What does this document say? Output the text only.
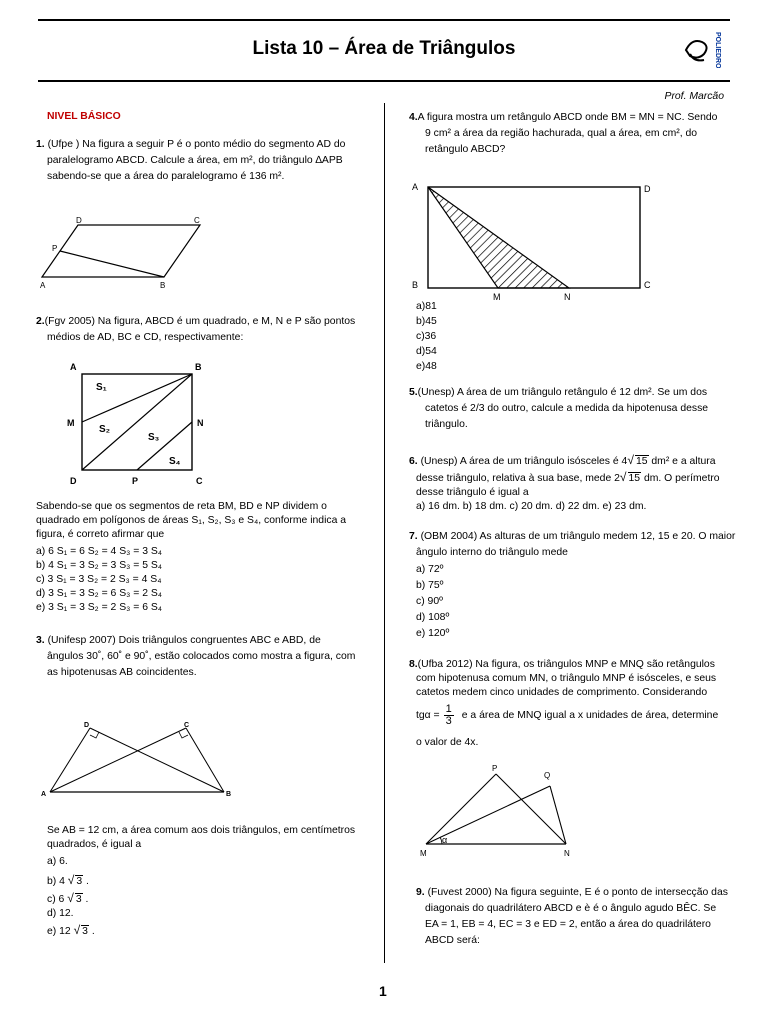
Lista 10 – Área de Triângulos	POLIEDRO
Prof. Marcão
NIVEL BÁSICO
1. (Ufpe ) Na figura a seguir P é o ponto médio do segmento AD do
paralelogramo ABCD. Calcule a área, em m², do triângulo ∆APB
sabendo-se que a área do paralelogramo é 136 m².
D	C
P
A	B
2.(Fgv 2005) Na figura, ABCD é um quadrado, e M, N e P são pontos
médios de AD, BC e CD, respectivamente:
A	B
M	N
D	C
P
S₁
S₂
S₃
S₄
Sabendo-se que os segmentos de reta BM, BD e NP dividem o
quadrado em polígonos de áreas S₁, S₂, S₃ e S₄, conforme indica a
figura, é correto afirmar que
a) 6 S₁ = 6 S₂ = 4 S₃ = 3 S₄
b) 4 S₁ = 3 S₂ = 3 S₃ = 5 S₄
c) 3 S₁ = 3 S₂ = 2 S₃ = 4 S₄
d) 3 S₁ = 3 S₂ = 6 S₃ = 2 S₄
e) 3 S₁ = 3 S₂ = 2 S₃ = 6 S₄
3. (Unifesp 2007) Dois triângulos congruentes ABC e ABD, de
ângulos 30˚, 60˚ e 90˚, estão colocados como mostra a figura, com
as hipotenusas AB coincidentes.
A	B
D	C
Se AB = 12 cm, a área comum aos dois triângulos, em centímetros
quadrados, é igual a
a) 6.
b) 4 √ 3 .
c) 6 √ 3 .
d) 12.
e) 12 √ 3 .
4.A figura mostra um retângulo ABCD onde BM = MN = NC. Sendo
9 cm² a área da região hachurada, qual a área, em cm², do
retângulo ABCD?
A	D
B	C
M	N
a)81
b)45
c)36
d)54
e)48
5.(Unesp) A área de um triângulo retângulo é 12 dm². Se um dos
catetos é 2/3 do outro, calcule a medida da hipotenusa desse
triângulo.
6. (Unesp) A área de um triângulo isósceles é 4√ 15 dm² e a altura
desse triângulo, relativa à sua base, mede 2√ 15 dm. O perímetro
desse triângulo é igual a
a) 16 dm. b) 18 dm. c) 20 dm. d) 22 dm. e) 23 dm.
7. (OBM 2004) As alturas de um triângulo medem 12, 15 e 20. O maior
ângulo interno do triângulo mede
a) 72º
b) 75º
c) 90º
d) 108º
e) 120º
8.(Ufba 2012) Na figura, os triângulos MNP e MNQ são retângulos
com hipotenusa comum MN, o triângulo MNP é isósceles, e seus
catetos medem cinco unidades de comprimento. Considerando
$tg\alpha = \frac{1}{3}$ e a área de MNQ igual a x unidades de área, determine
o valor de 4x.
P
Q
M	N
α
9. (Fuvest 2000) Na figura seguinte, E é o ponto de intersecção das
diagonais do quadrilátero ABCD e è é o ângulo agudo BÊC. Se
EA = 1, EB = 4, EC = 3 e ED = 2, então a área do quadrilátero
ABCD será:
1
